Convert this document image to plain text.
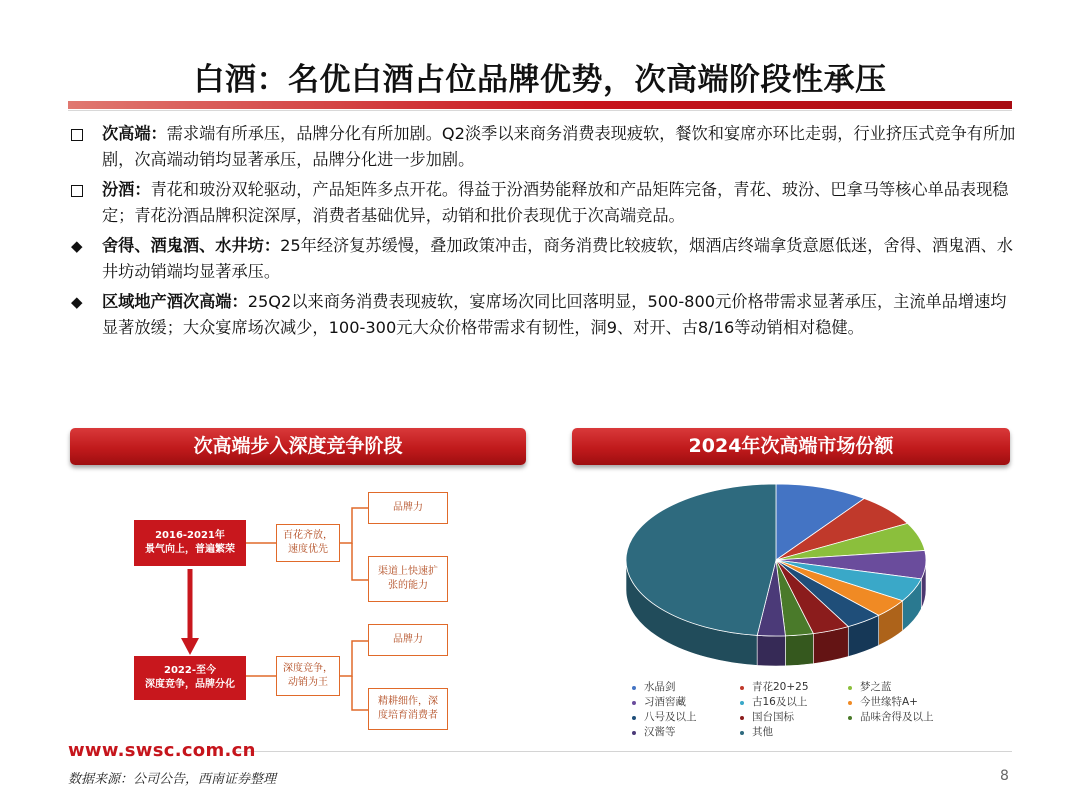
白酒：名优白酒占位品牌优势，次高端阶段性承压
次高端：需求端有所承压，品牌分化有所加剧。Q2淡季以来商务消费表现疲软，餐饮和宴席亦环比走弱，行业挤压式竞争有所加剧，次高端动销均显著承压，品牌分化进一步加剧。
汾酒：青花和玻汾双轮驱动，产品矩阵多点开花。得益于汾酒势能释放和产品矩阵完备，青花、玻汾、巴拿马等核心单品表现稳定；青花汾酒品牌积淀深厚，消费者基础优异，动销和批价表现优于次高端竞品。
◆ 舍得、酒鬼酒、水井坊：25年经济复苏缓慢，叠加政策冲击，商务消费比较疲软，烟酒店终端拿货意愿低迷，舍得、酒鬼酒、水井坊动销端均显著承压。
◆ 区域地产酒次高端：25Q2以来商务消费表现疲软，宴席场次同比回落明显，500-800元价格带需求显著承压，主流单品增速均显著放缓；大众宴席场次减少，100-300元大众价格带需求有韧性，洞9、对开、古8/16等动销相对稳健。
次高端步入深度竞争阶段	2024年次高端市场份额
2016-2021年
景气向上，普遍繁荣
百花齐放，
速度优先
品牌力
渠道上快速扩
张的能力
2022-至今
深度竞争，品牌分化
深度竞争，
动销为王
品牌力
精耕细作，深
度培育消费者
水晶剑	青花20+25	梦之蓝
习酒窖藏	古16及以上	今世缘特A+
八号及以上	国台国标	品味舍得及以上
汉酱等	其他
www.swsc.com.cn
数据来源：公司公告，西南证券整理	8
